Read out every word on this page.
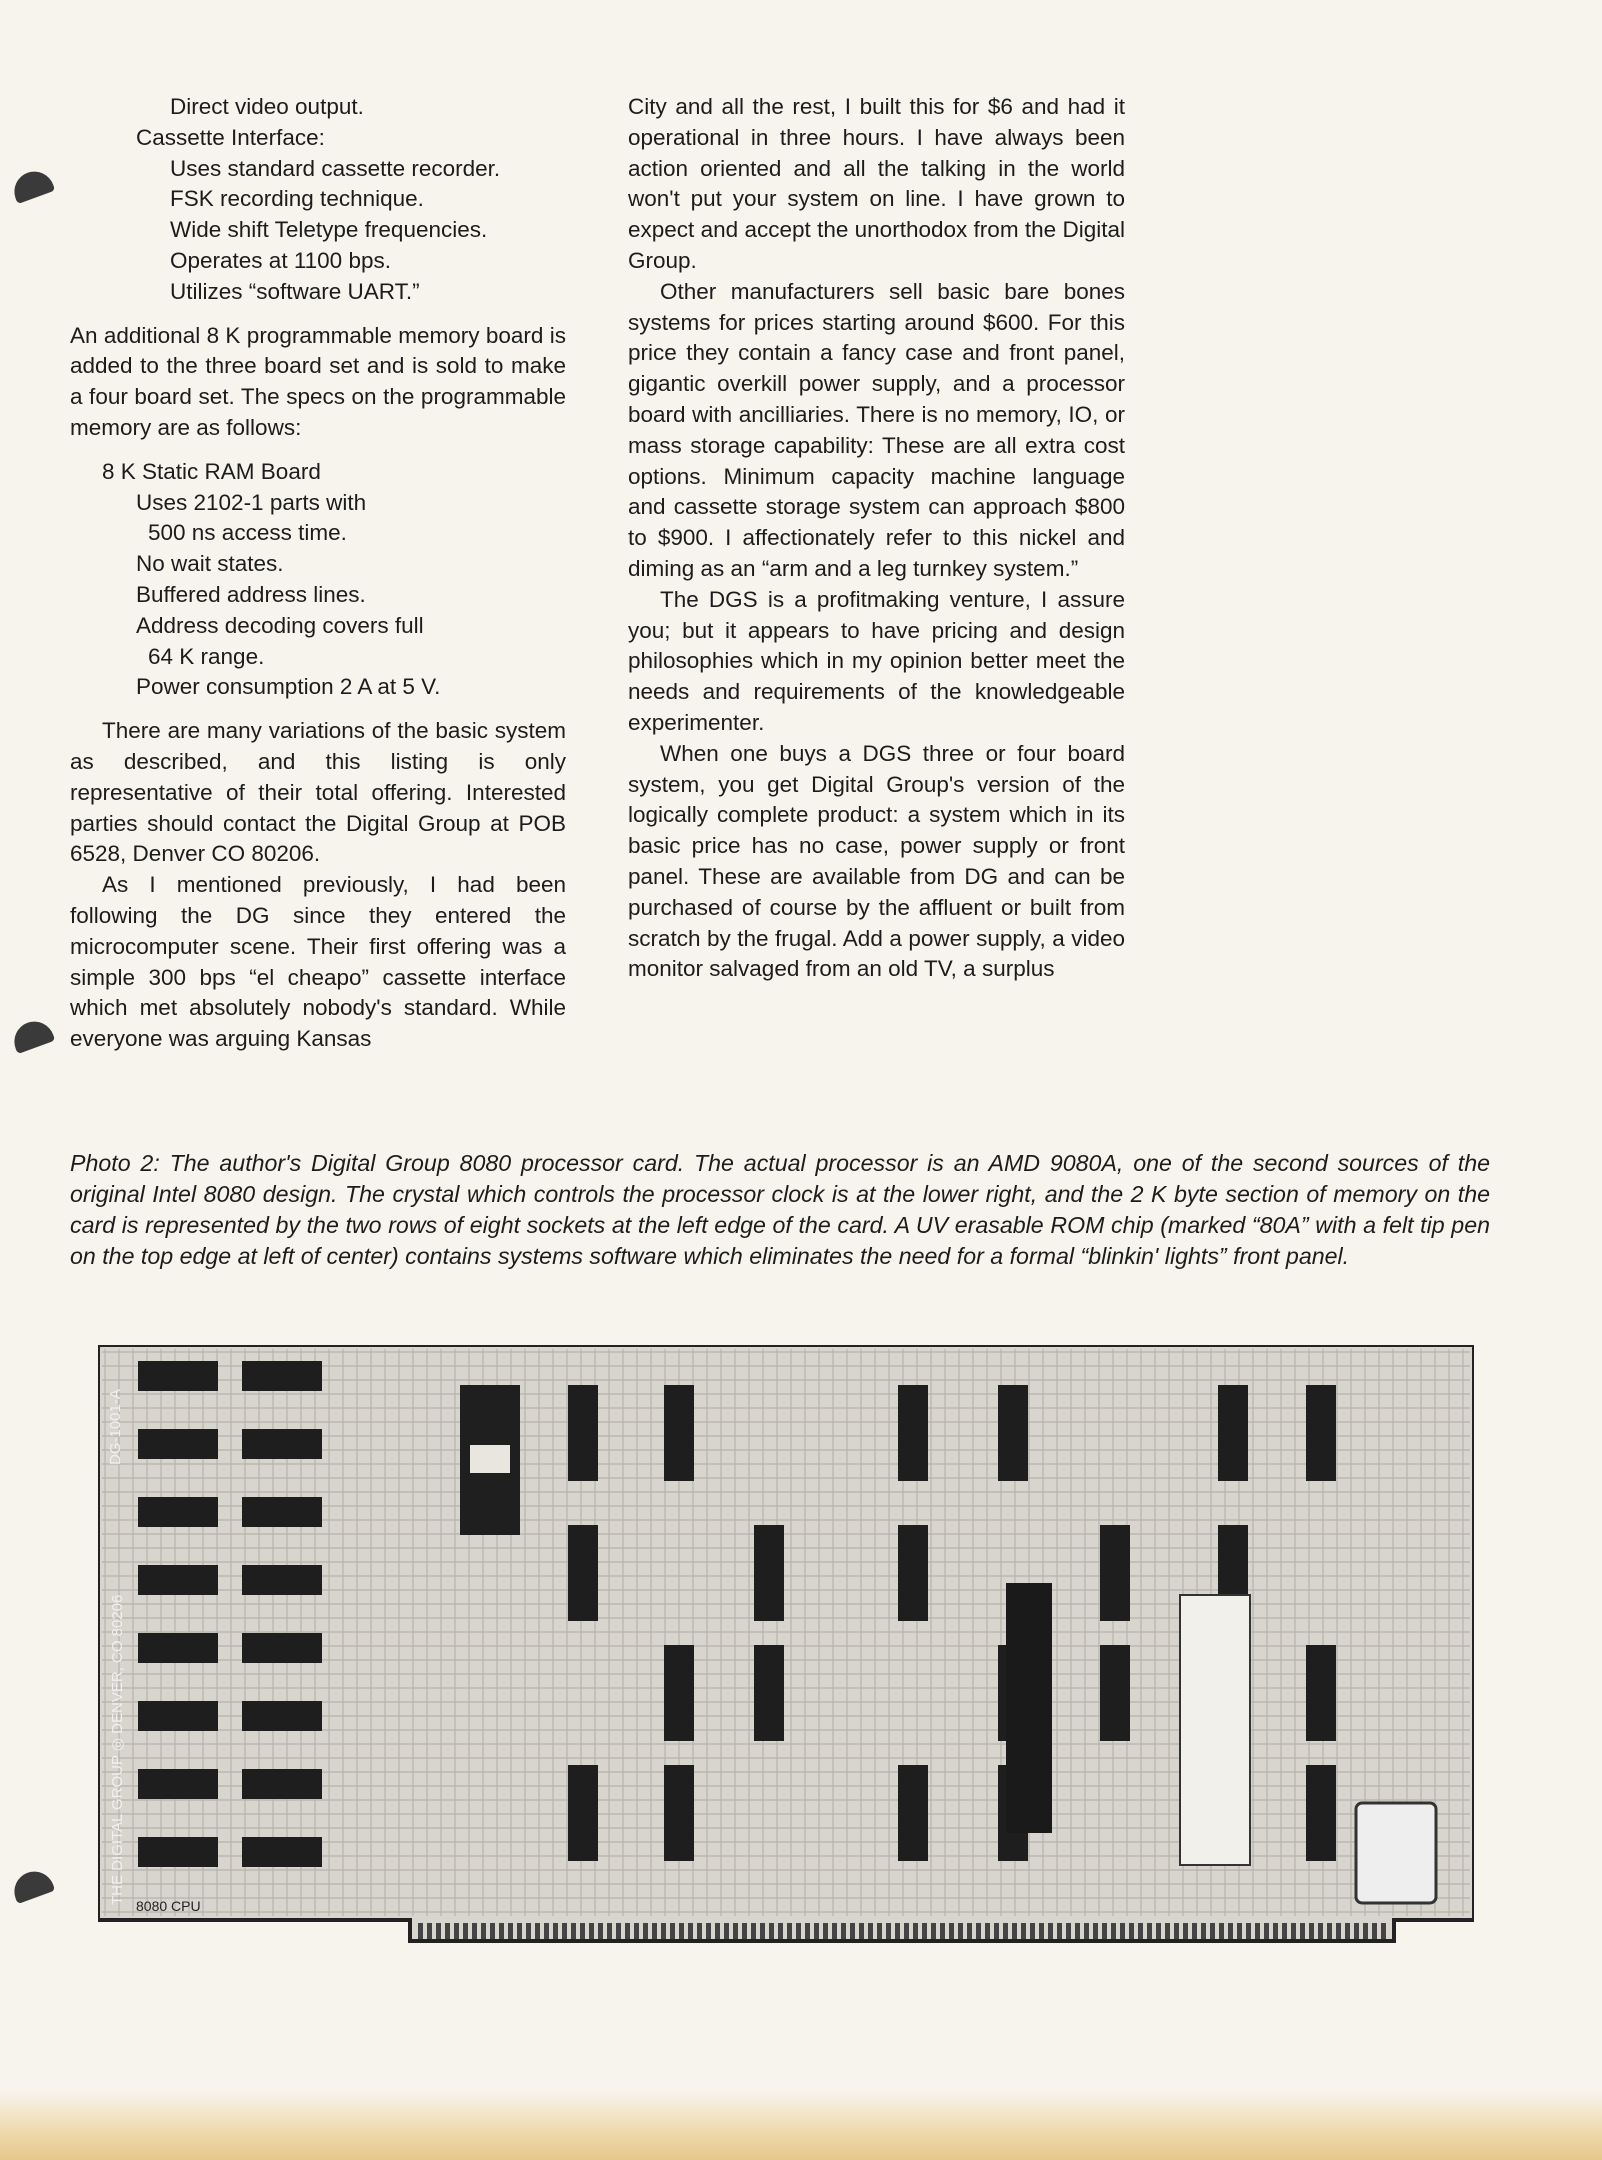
Direct video output.

Cassette Interface:

Uses standard cassette recorder.

FSK recording technique.

Wide shift Teletype frequencies.

Operates at 1100 bps.

Utilizes “software UART.”

An additional 8 K programmable memory board is added to the three board set and is sold to make a four board set. The specs on the programmable memory are as follows:

8 K Static RAM Board

Uses 2102-1 parts with

500 ns access time.

No wait states.

Buffered address lines.

Address decoding covers full

64 K range.

Power consumption 2 A at 5 V.

There are many variations of the basic system as described, and this listing is only representative of their total offering. Interested parties should contact the Digital Group at POB 6528, Denver CO 80206.

As I mentioned previously, I had been following the DG since they entered the microcomputer scene. Their first offering was a simple 300 bps “el cheapo” cassette interface which met absolutely nobody's standard. While everyone was arguing Kansas

City and all the rest, I built this for $6 and had it operational in three hours. I have always been action oriented and all the talking in the world won't put your system on line. I have grown to expect and accept the unorthodox from the Digital Group.

Other manufacturers sell basic bare bones systems for prices starting around $600. For this price they contain a fancy case and front panel, gigantic overkill power supply, and a processor board with ancilliaries. There is no memory, IO, or mass storage capability: These are all extra cost options. Minimum capacity machine language and cassette storage system can approach $800 to $900. I affectionately refer to this nickel and diming as an “arm and a leg turnkey system.”

The DGS is a profitmaking venture, I assure you; but it appears to have pricing and design philosophies which in my opinion better meet the needs and requirements of the knowledgeable experimenter.

When one buys a DGS three or four board system, you get Digital Group's version of the logically complete product: a system which in its basic price has no case, power supply or front panel. These are available from DG and can be purchased of course by the affluent or built from scratch by the frugal. Add a power supply, a video monitor salvaged from an old TV, a surplus

Photo 2: The author's Digital Group 8080 processor card. The actual processor is an AMD 9080A, one of the second sources of the original Intel 8080 design. The crystal which controls the processor clock is at the lower right, and the 2 K byte section of memory on the card is represented by the two rows of eight sockets at the left edge of the card. A UV erasable ROM chip (marked “80A” with a felt tip pen on the top edge at left of center) contains systems software which eliminates the need for a formal “blinkin' lights” front panel.

THE DIGITAL GROUP ◎ DENVER, CO 80206
DG-1001-A
8080 CPU
